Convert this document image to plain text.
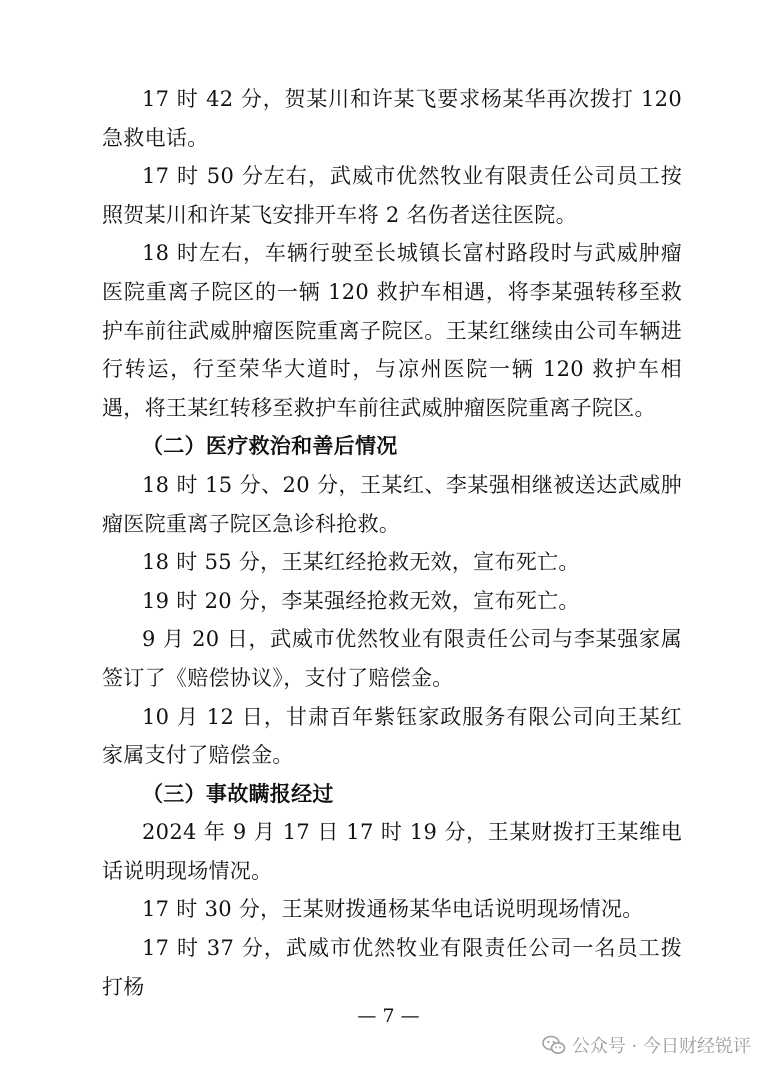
17 时 42 分，贺某川和许某飞要求杨某华再次拨打 120 急救电话。

17 时 50 分左右，武威市优然牧业有限责任公司员工按照贺某川和许某飞安排开车将 2 名伤者送往医院。

18 时左右，车辆行驶至长城镇长富村路段时与武威肿瘤医院重离子院区的一辆 120 救护车相遇，将李某强转移至救护车前往武威肿瘤医院重离子院区。王某红继续由公司车辆进行转运，行至荣华大道时，与凉州医院一辆 120 救护车相遇，将王某红转移至救护车前往武威肿瘤医院重离子院区。

（二）医疗救治和善后情况

18 时 15 分、20 分，王某红、李某强相继被送达武威肿瘤医院重离子院区急诊科抢救。

18 时 55 分，王某红经抢救无效，宣布死亡。

19 时 20 分，李某强经抢救无效，宣布死亡。

9 月 20 日，武威市优然牧业有限责任公司与李某强家属签订了《赔偿协议》，支付了赔偿金。

10 月 12 日，甘肃百年紫钰家政服务有限公司向王某红家属支付了赔偿金。

（三）事故瞒报经过

2024 年 9 月 17 日 17 时 19 分，王某财拨打王某维电话说明现场情况。

17 时 30 分，王某财拨通杨某华电话说明现场情况。

17 时 37 分，武威市优然牧业有限责任公司一名员工拨打杨

— 7 —
公众号 · 今日财经锐评
